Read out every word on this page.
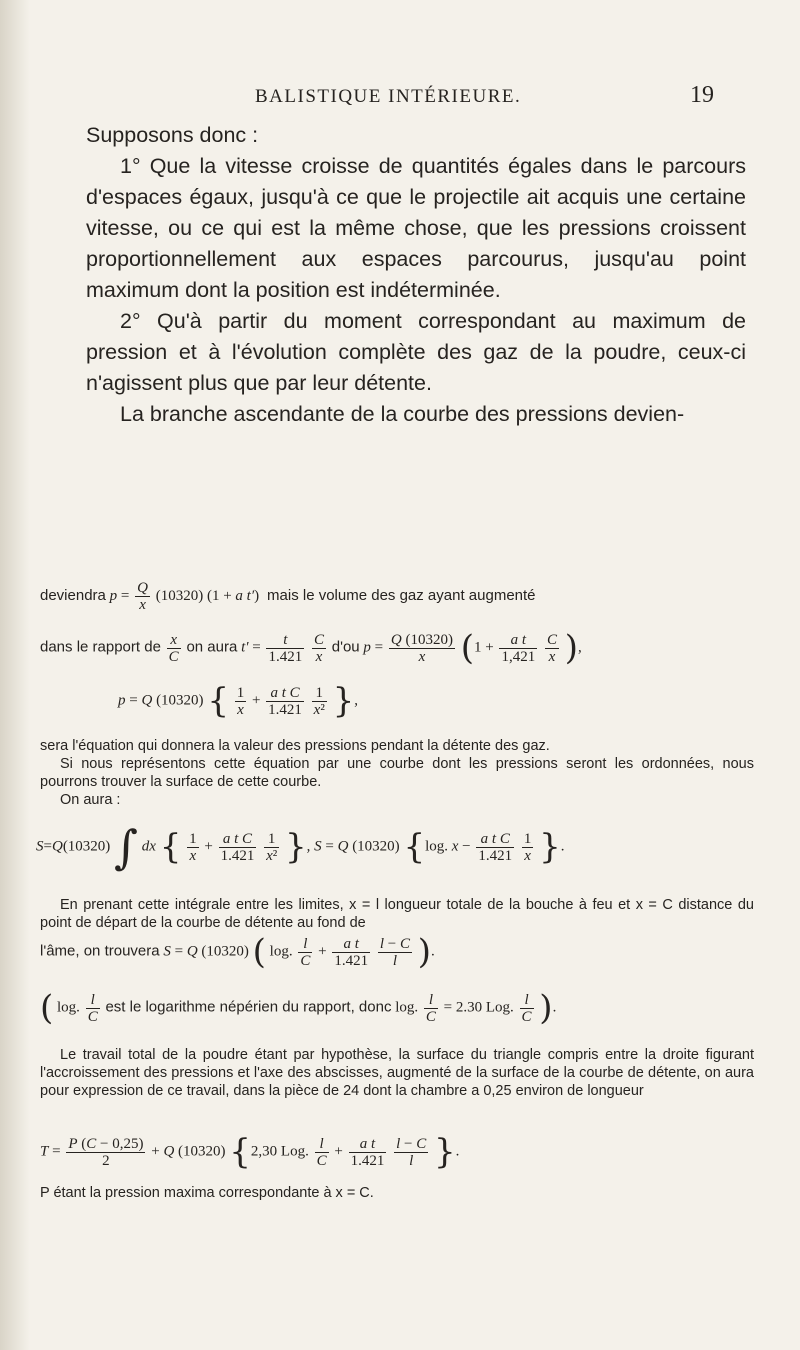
BALISTIQUE INTÉRIEURE.	19

Supposons donc :

1° Que la vitesse croisse de quantités égales dans le parcours d'espaces égaux, jusqu'à ce que le projectile ait acquis une certaine vitesse, ou ce qui est la même chose, que les pressions croissent proportionnellement aux espaces parcourus, jusqu'au point maximum dont la position est indéterminée.

2° Qu'à partir du moment correspondant au maximum de pression et à l'évolution complète des gaz de la poudre, ceux-ci n'agissent plus que par leur détente.

La branche ascendante de la courbe des pressions devien-

deviendra $p = \frac{Q}{x} (10320) (1 + a$ t′)  mais le volume des gaz ayant augmenté
dans le rapport de $\frac{x}{C}$ on aura $t' = \frac{t}{1.421}$
$\frac{C}{x} d'ou$ $p = \frac{Q (10320)}{x} (1 + \frac{\text{a t}}{1,421}$
$\frac{C}{x}$ ),
p = Q (10320) { $\frac{1}{x} + \frac{\text{a t C}}{1.421}$
$\frac{1}{\text{x²}}$ },

sera l'équation qui donnera la valeur des pressions pendant la détente des gaz.

Si nous représentons cette équation par une courbe dont les pressions seront les ordonnées, nous pourrons trouver la surface de cette courbe.

On aura :

S=Q(10320) ∫ dx { $\frac{1}{x} + \frac{\text{a t C}}{1.421}$
$\frac{1}{\text{x²}}$ }, S = Q (10320) {log. $x - \frac{\text{a t C}}{1.421}$
$\frac{1}{x}$ }.

En prenant cette intégrale entre les limites, x = l longueur totale de la bouche à feu et x = C distance du point de départ de la courbe de détente au fond de

l'âme, on trouvera S = Q (10320) ( log. $\frac{l}{C} + \frac{\text{a t}}{1.421}$
$\frac{l - C}{l}$ ).
( log. $\frac{l}{C}$ est le logarithme népérien du rapport, donc log. $\frac{l}{C} = 2.30$ Log. $\frac{l}{C}$ ).

Le travail total de la poudre étant par hypothèse, la surface du triangle compris entre la droite figurant l'accroissement des pressions et l'axe des abscisses, augmenté de la surface de la courbe de détente, on aura pour expression de ce travail, dans la pièce de 24 dont la chambre a 0,25 environ de longueur

$T = \frac{P (C - 0,25)}{2} + Q$ (10320) {2,30 Log. $\frac{l}{C} + \frac{\text{a t}}{1.421}$
$\frac{l - C}{l}$ }.

P étant la pression maxima correspondante à x = C.
